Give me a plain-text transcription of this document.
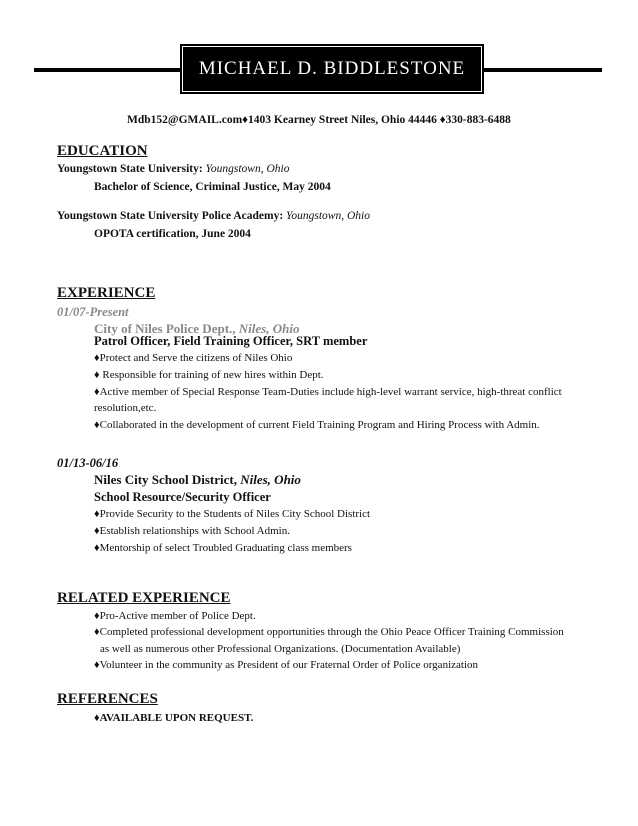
MICHAEL D. BIDDLESTONE
Mdb152@GMAIL.com♦1403 Kearney Street Niles, Ohio 44446 ♦330-883-6488
EDUCATION
Youngstown State University: Youngstown, Ohio
Bachelor of Science, Criminal Justice, May 2004
Youngstown State University Police Academy: Youngstown, Ohio
OPOTA certification, June 2004
EXPERIENCE
01/07-Present
City of Niles Police Dept., Niles, Ohio
Patrol Officer, Field Training Officer, SRT member
♦Protect and Serve the citizens of Niles Ohio
♦ Responsible for training of new hires within Dept.
♦Active member of Special Response Team-Duties include high-level warrant service, high-threat conflict
resolution,etc.
♦Collaborated in the development of current Field Training Program and Hiring Process with Admin.
01/13-06/16
Niles City School District, Niles, Ohio
School Resource/Security Officer
♦Provide Security to the Students of Niles City School District
♦Establish relationships with School Admin.
♦Mentorship of select Troubled Graduating class members
RELATED EXPERIENCE
♦Pro-Active member of Police Dept.
♦Completed professional development opportunities through the Ohio Peace Officer Training Commission
as well as numerous other Professional Organizations. (Documentation Available)
♦Volunteer in the community as President of our Fraternal Order of Police organization
REFERENCES
♦AVAILABLE UPON REQUEST.
